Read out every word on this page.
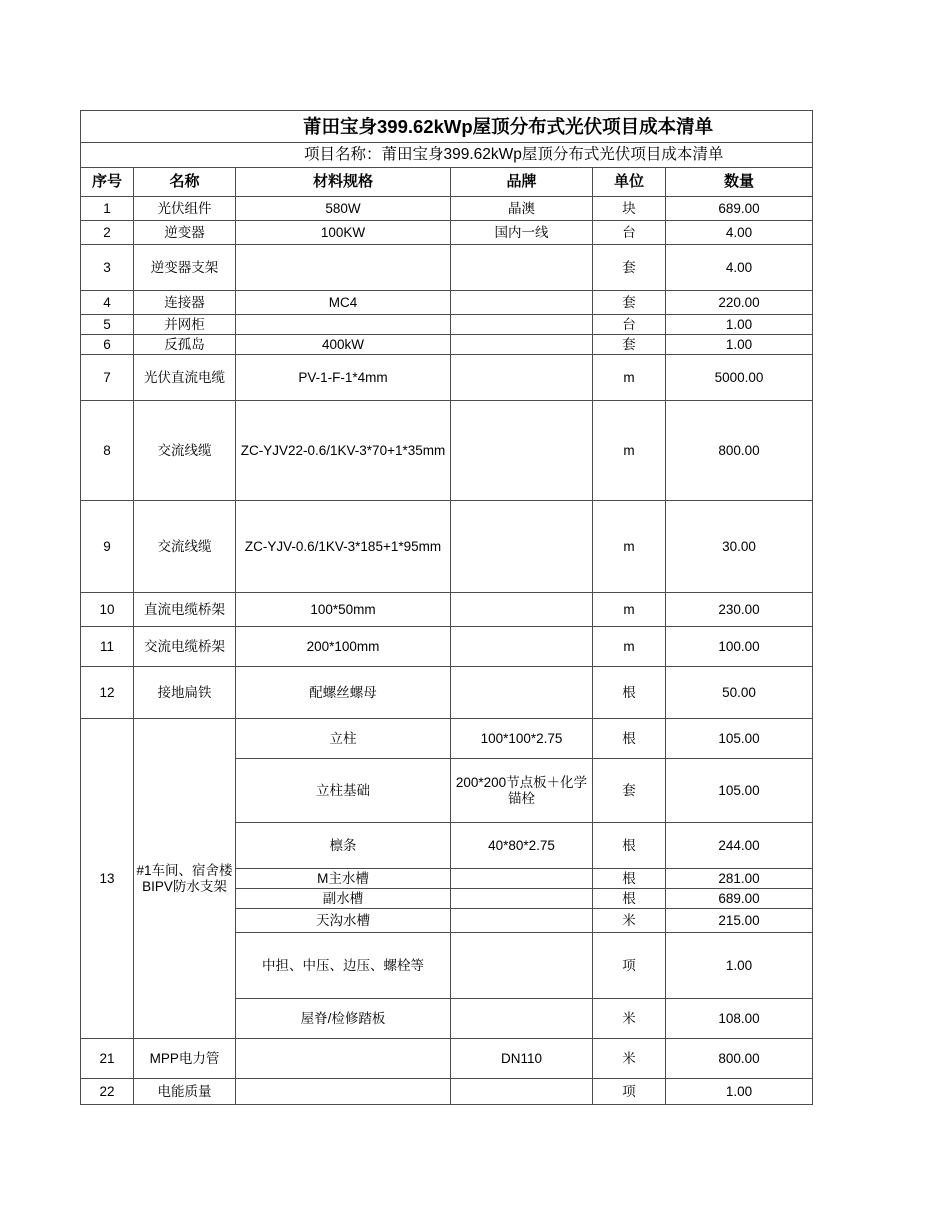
莆田宝身399.62kWp屋顶分布式光伏项目成本清单					

项目名称：莆田宝身399.62kWp屋顶分布式光伏项目成本清单					

序号	名称	材料规格	品牌	单位	数量
1	光伏组件	580W	晶澳	块	689.00
2	逆变器	100KW	国内一线	台	4.00
3	逆变器支架			套	4.00
4	连接器	MC4		套	220.00
5	并网柜			台	1.00
6	反孤岛	400kW		套	1.00
7	光伏直流电缆	PV-1-F-1*4mm		m	5000.00
8	交流线缆	ZC-YJV22-0.6/1KV-3*70+1*35mm		m	800.00
9	交流线缆	ZC-YJV-0.6/1KV-3*185+1*95mm		m	30.00
10	直流电缆桥架	100*50mm		m	230.00
11	交流电缆桥架	200*100mm		m	100.00
12	接地扁铁	配螺丝螺母		根	50.00
13	#1车间、宿舍楼BIPV防水支架	立柱	100*100*2.75	根	105.00
		立柱基础	200*200节点板＋化学锚栓	套	105.00
		檩条	40*80*2.75	根	244.00
		M主水槽		根	281.00
		副水槽		根	689.00
		天沟水槽		米	215.00
		中担、中压、边压、螺栓等		项	1.00
		屋脊/检修踏板		米	108.00
21	MPP电力管		DN110	米	800.00
22	电能质量			项	1.00
